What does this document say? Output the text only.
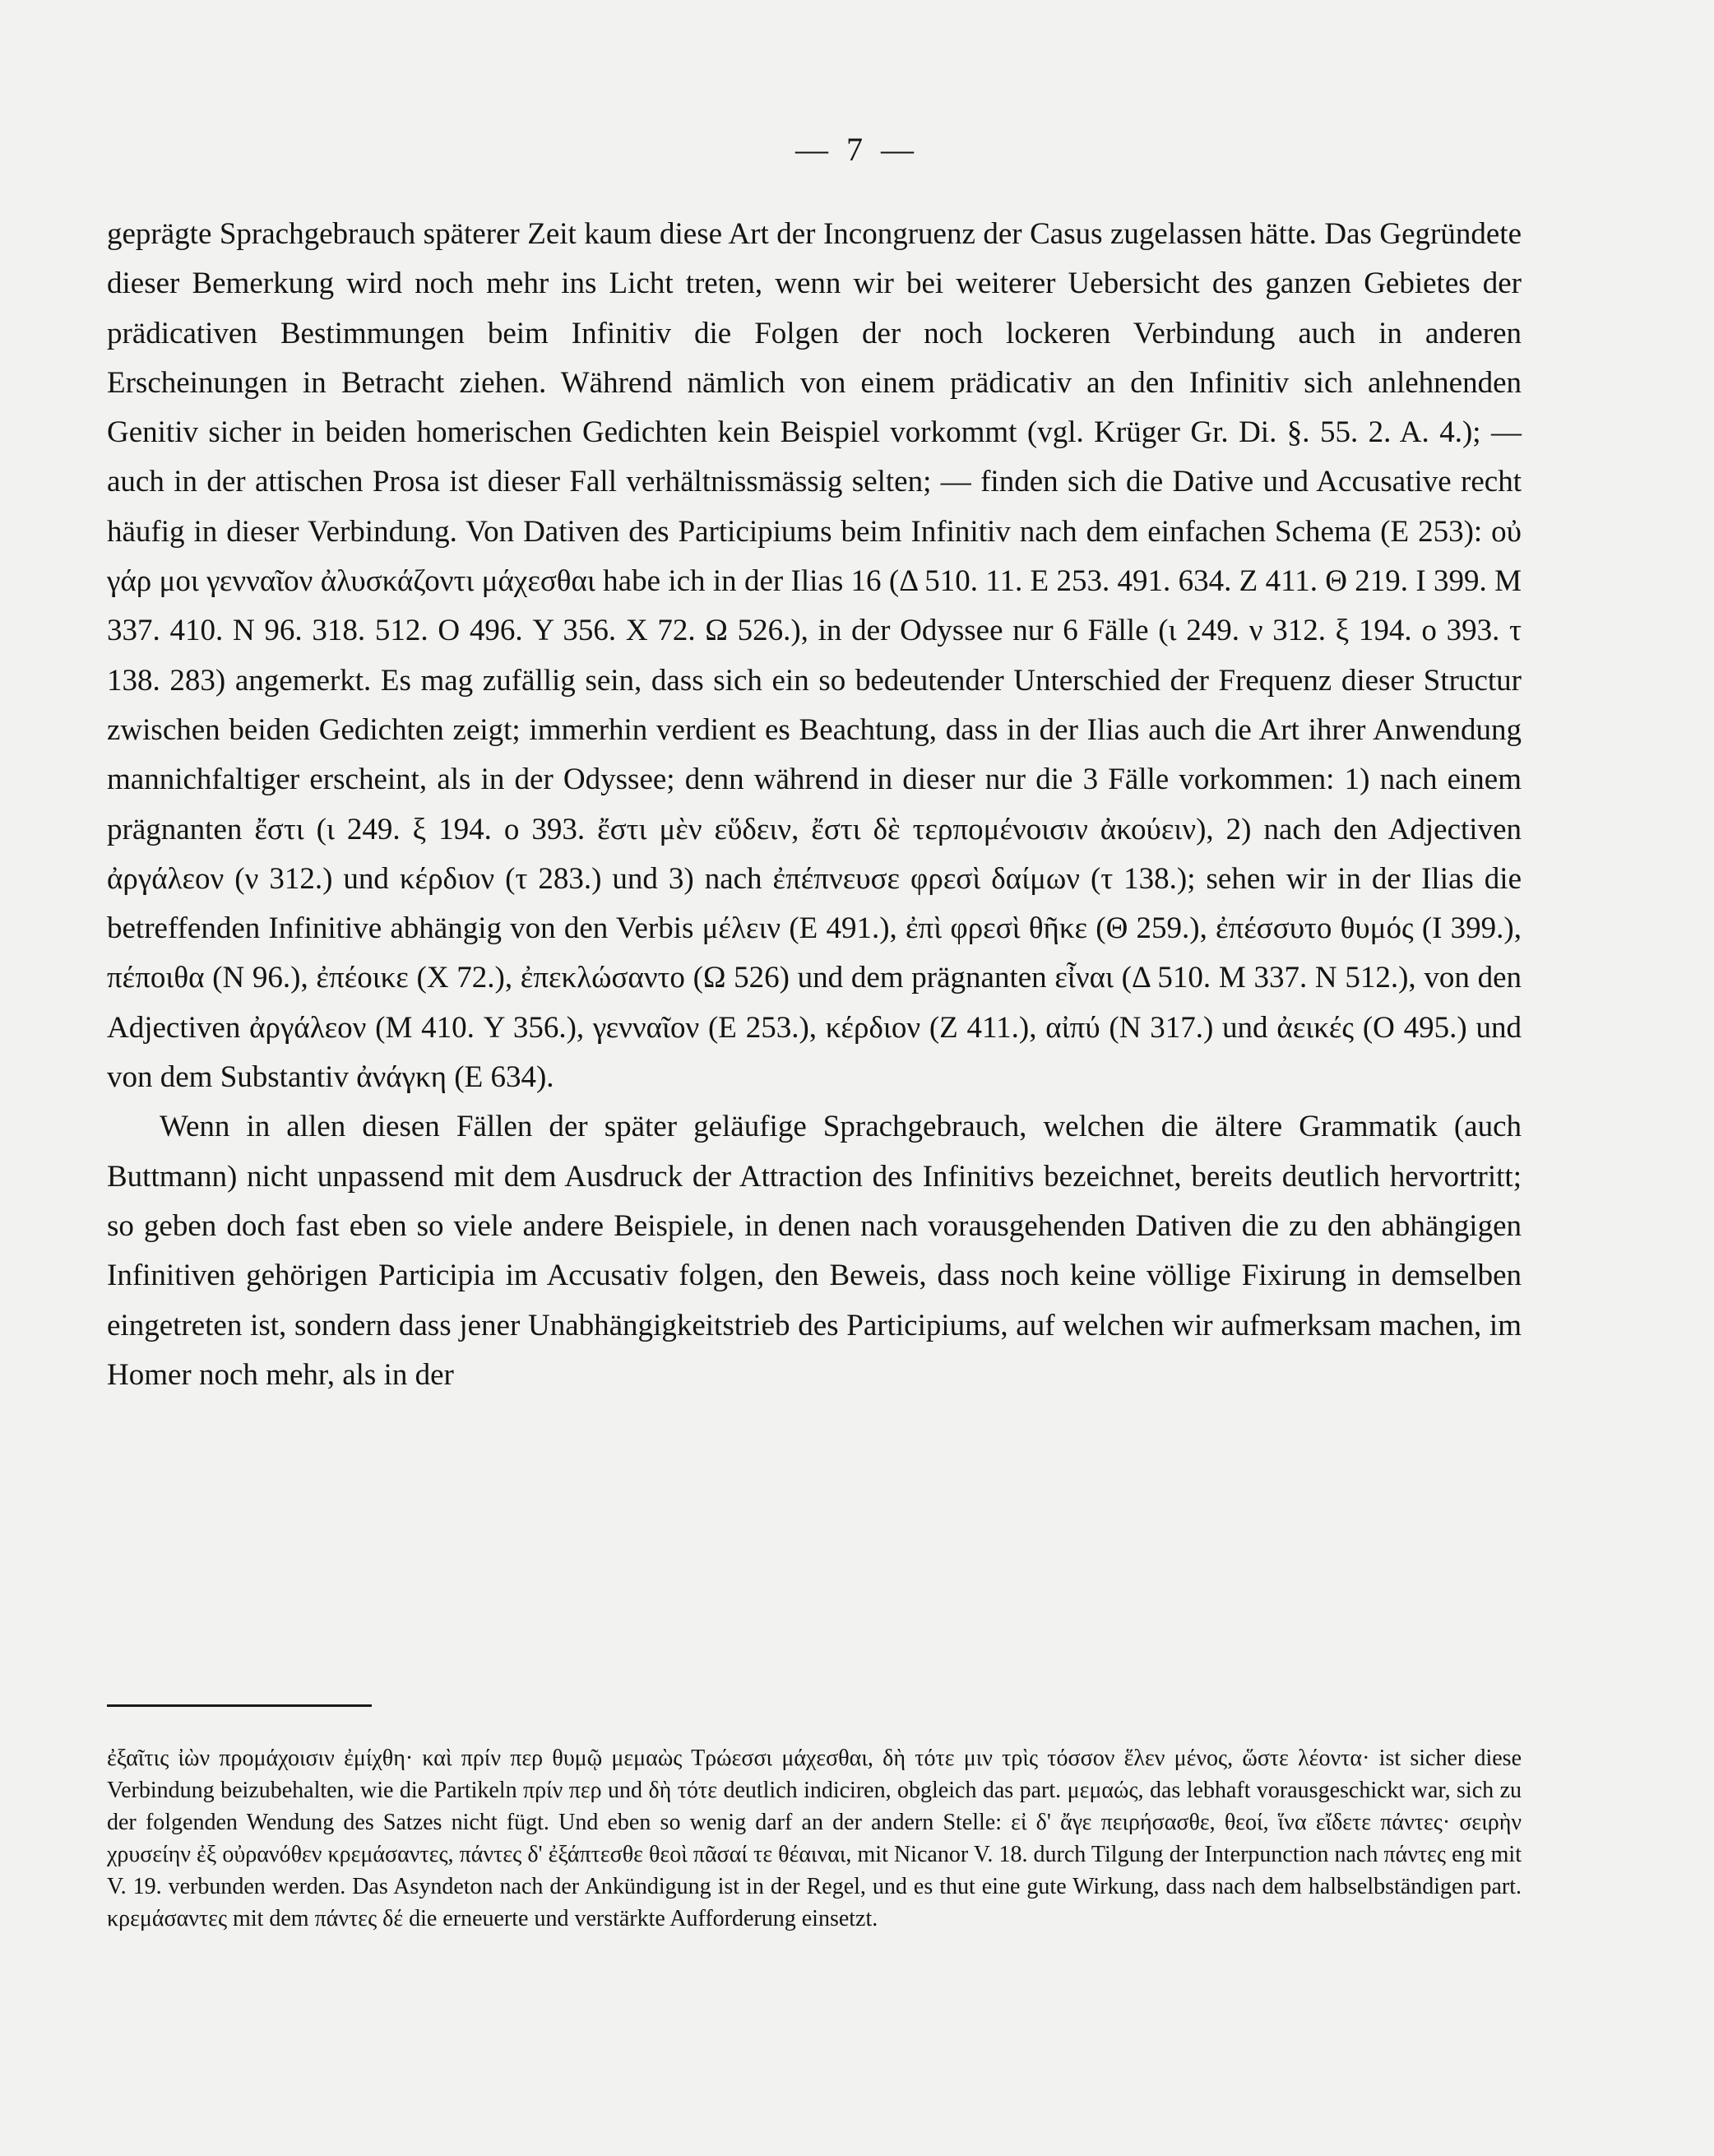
— 7 —

geprägte Sprachgebrauch späterer Zeit kaum diese Art der Incongruenz der Casus zugelassen hätte. Das Gegründete dieser Bemerkung wird noch mehr ins Licht treten, wenn wir bei weiterer Uebersicht des ganzen Gebietes der prädicativen Bestimmungen beim Infinitiv die Folgen der noch lockeren Verbindung auch in anderen Erscheinungen in Betracht ziehen. Während nämlich von einem prädicativ an den Infinitiv sich anlehnenden Genitiv sicher in beiden homerischen Gedichten kein Beispiel vorkommt (vgl. Krüger Gr. Di. §. 55. 2. A. 4.); — auch in der attischen Prosa ist dieser Fall verhältnissmässig selten; — finden sich die Dative und Accusative recht häufig in dieser Verbindung. Von Dativen des Participiums beim Infinitiv nach dem einfachen Schema (E 253): οὐ γάρ μοι γενναῖον ἀλυσκάζοντι μάχεσθαι habe ich in der Ilias 16 (Δ 510. 11. E 253. 491. 634. Z 411. Θ 219. I 399. M 337. 410. N 96. 318. 512. O 496. Υ 356. X 72. Ω 526.), in der Odyssee nur 6 Fälle (ι 249. ν 312. ξ 194. ο 393. τ 138. 283) angemerkt. Es mag zufällig sein, dass sich ein so bedeutender Unterschied der Frequenz dieser Structur zwischen beiden Gedichten zeigt; immerhin verdient es Beachtung, dass in der Ilias auch die Art ihrer Anwendung mannichfaltiger erscheint, als in der Odyssee; denn während in dieser nur die 3 Fälle vorkommen: 1) nach einem prägnanten ἔστι (ι 249. ξ 194. ο 393. ἔστι μὲν εὕδειν, ἔστι δὲ τερπομένοισιν ἀκούειν), 2) nach den Adjectiven ἀργάλεον (ν 312.) und κέρδιον (τ 283.) und 3) nach ἐπέπνευσε φρεσὶ δαίμων (τ 138.); sehen wir in der Ilias die betreffenden Infinitive abhängig von den Verbis μέλειν (E 491.), ἐπὶ φρεσὶ θῆκε (Θ 259.), ἐπέσσυτο θυμός (I 399.), πέποιθα (N 96.), ἐπέοικε (X 72.), ἐπεκλώσαντο (Ω 526) und dem prägnanten εἶναι (Δ 510. M 337. N 512.), von den Adjectiven ἀργάλεον (M 410. Υ 356.), γενναῖον (E 253.), κέρδιον (Z 411.), αἰπύ (N 317.) und ἀεικές (O 495.) und von dem Substantiv ἀνάγκη (E 634).

Wenn in allen diesen Fällen der später geläufige Sprachgebrauch, welchen die ältere Grammatik (auch Buttmann) nicht unpassend mit dem Ausdruck der Attraction des Infinitivs bezeichnet, bereits deutlich hervortritt; so geben doch fast eben so viele andere Beispiele, in denen nach vorausgehenden Dativen die zu den abhängigen Infinitiven gehörigen Participia im Accusativ folgen, den Beweis, dass noch keine völlige Fixirung in demselben eingetreten ist, sondern dass jener Unabhängigkeitstrieb des Participiums, auf welchen wir aufmerksam machen, im Homer noch mehr, als in der

ἐξαῖτις ἰὼν προμάχοισιν ἐμίχθη· καὶ πρίν περ θυμῷ μεμαὼς Τρώεσσι μάχεσθαι, δὴ τότε μιν τρὶς τόσσον ἕλεν μένος, ὥστε λέοντα· ist sicher diese Verbindung beizubehalten, wie die Partikeln πρίν περ und δὴ τότε deutlich indiciren, obgleich das part. μεμαώς, das lebhaft vorausgeschickt war, sich zu der folgenden Wendung des Satzes nicht fügt. Und eben so wenig darf an der andern Stelle: εἰ δ' ἄγε πειρήσασθε, θεοί, ἵνα εἴδετε πάντες· σειρὴν χρυσείην ἐξ οὐρανόθεν κρεμάσαντες, πάντες δ' ἐξάπτεσθε θεοὶ πᾶσαί τε θέαιναι, mit Nicanor V. 18. durch Tilgung der Interpunction nach πάντες eng mit V. 19. verbunden werden. Das Asyndeton nach der Ankündigung ist in der Regel, und es thut eine gute Wirkung, dass nach dem halbselbständigen part. κρεμάσαντες mit dem πάντες δέ die erneuerte und verstärkte Aufforderung einsetzt.
